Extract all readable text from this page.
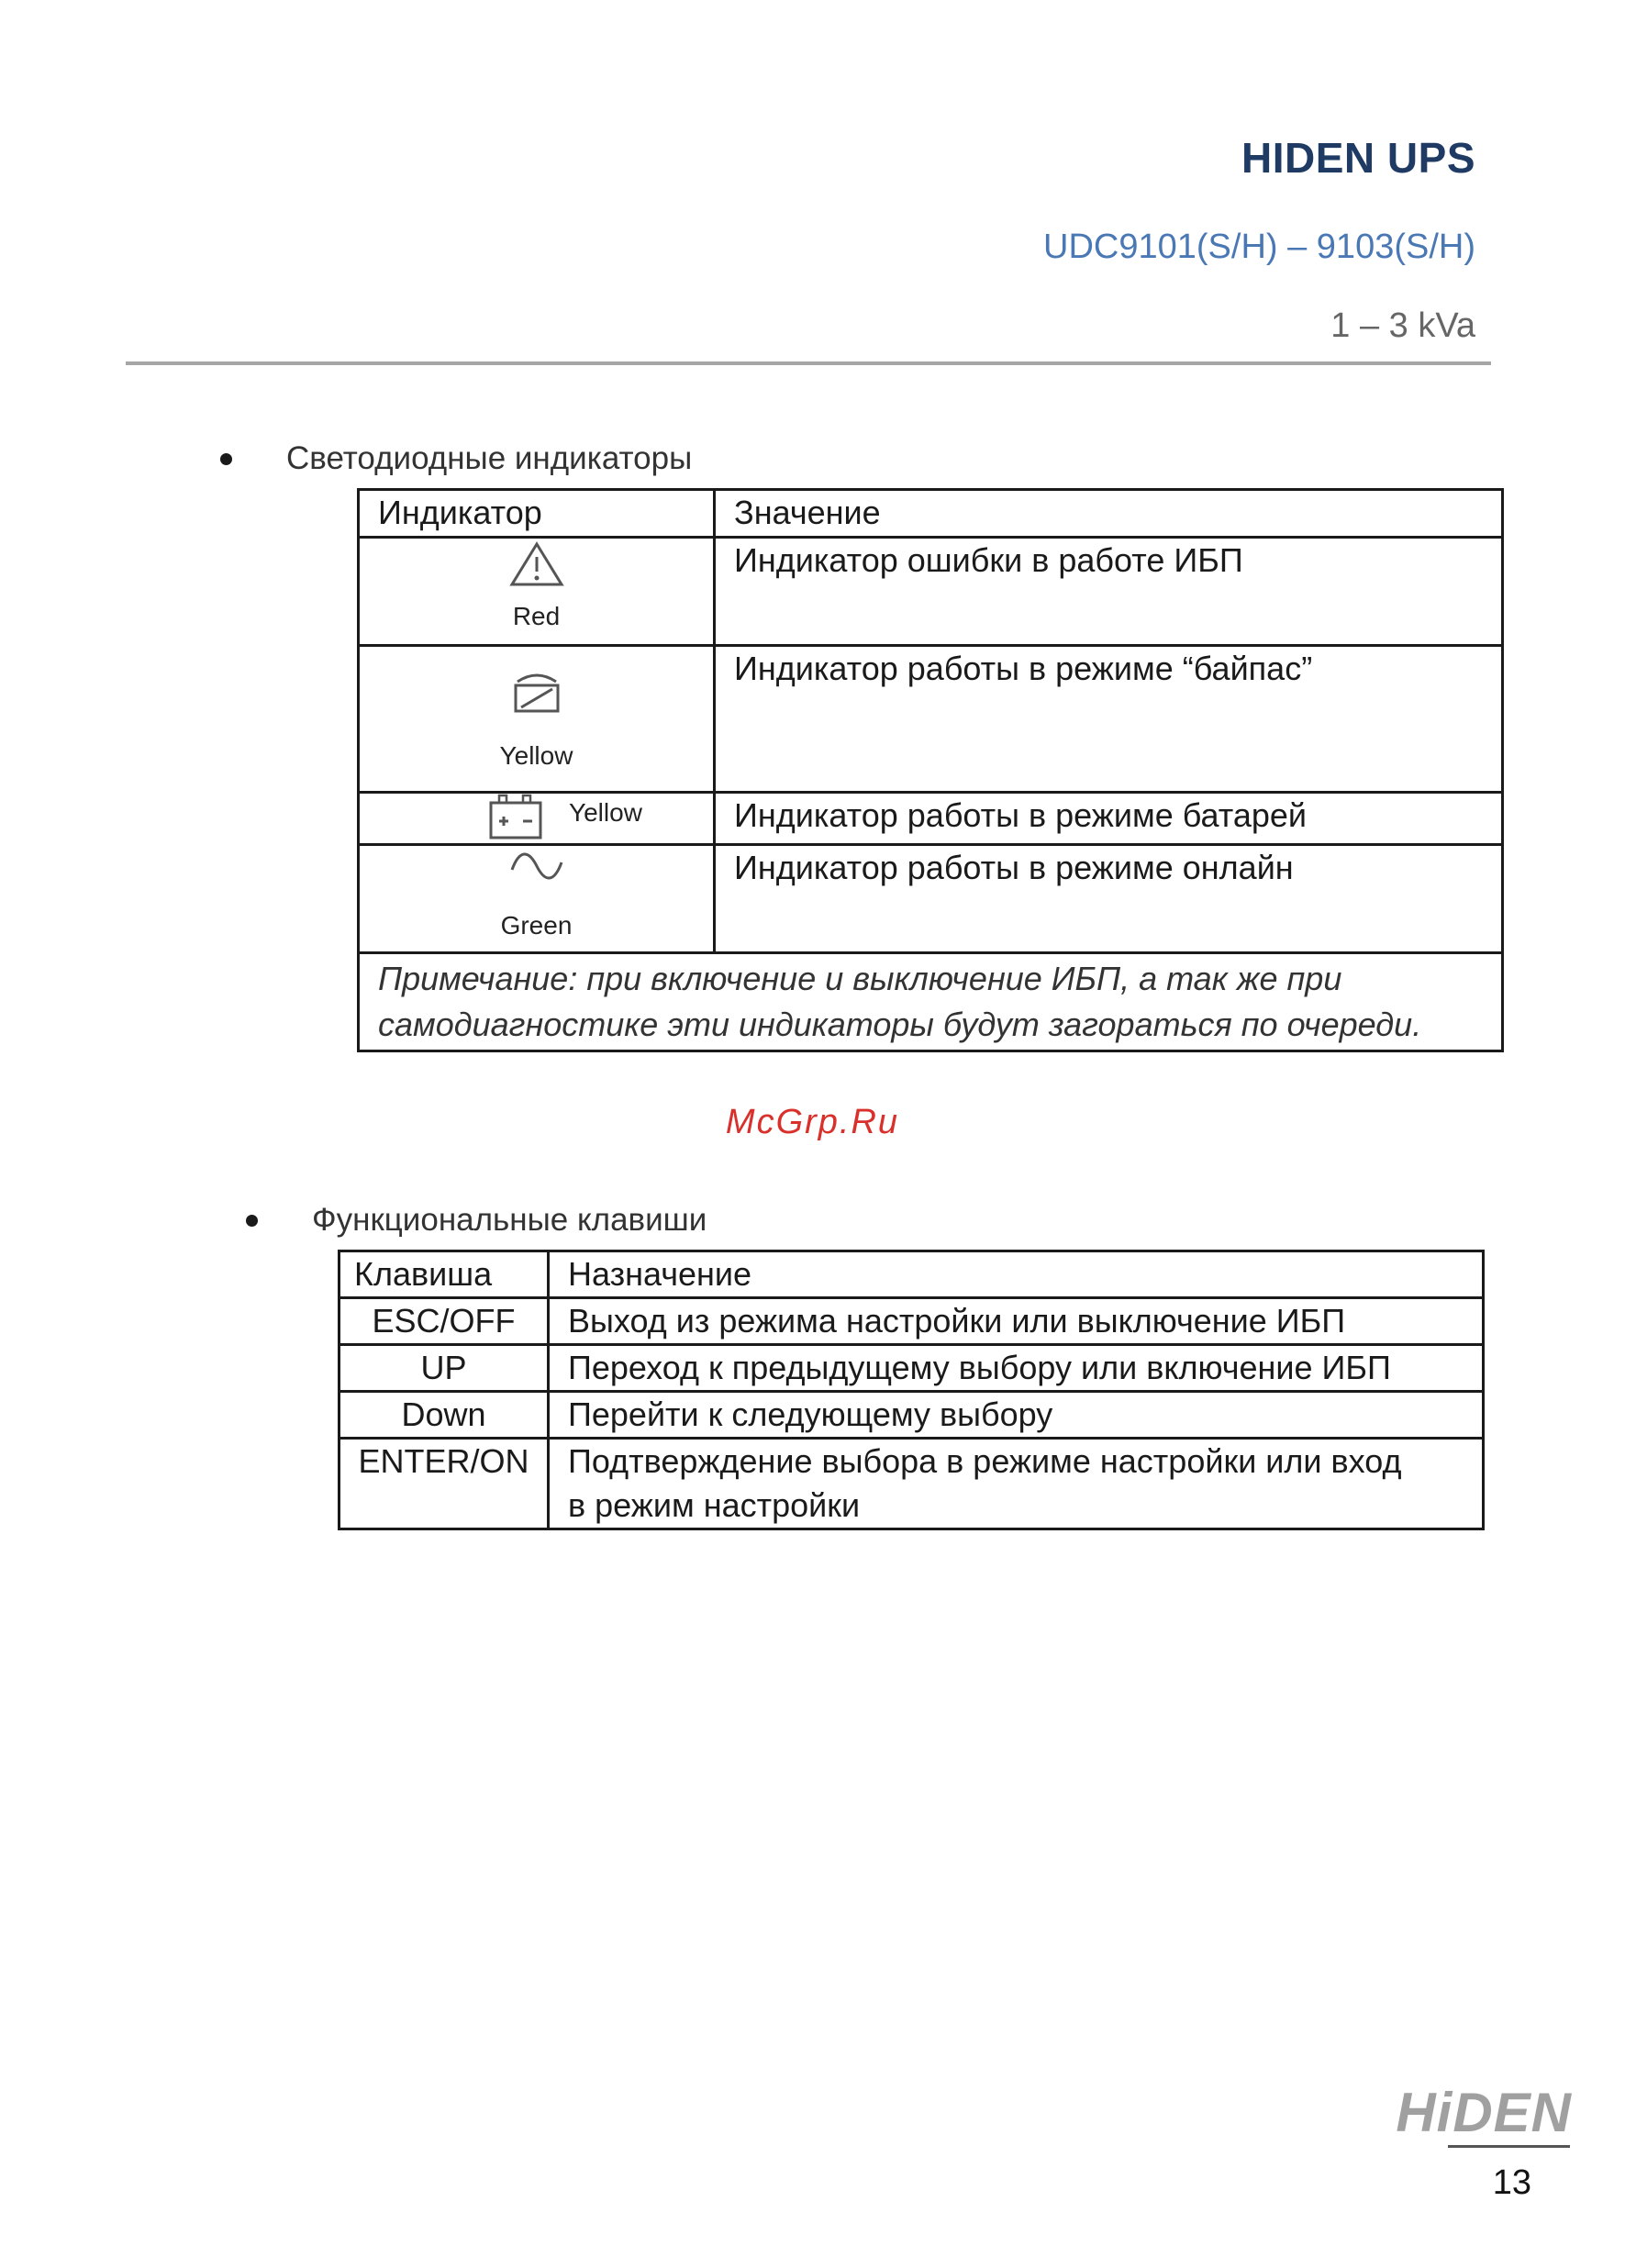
HIDEN UPS
UDC9101(S/H) – 9103(S/H)
1 – 3 kVa
Светодиодные индикаторы
Индикатор	Значение

Red	Индикатор ошибки в работе ИБП

Yellow	Индикатор работы в режиме “байпас”

Yellow	Индикатор работы в режиме батарей

Green	Индикатор работы в режиме онлайн

Примечание: при включение и выключение ИБП, а так же при
самодиагностике эти индикаторы будут загораться по очереди.	
McGrp.Ru
Функциональные клавиши
Клавиша	Назначение
ESC/OFF	Выход из режима настройки или выключение ИБП
UP	Переход к предыдущему выбору или включение ИБП
Down	Перейти к следующему выбору
ENTER/ON	Подтверждение выбора в режиме настройки или вход
в режим настройки
HiDEN
13
